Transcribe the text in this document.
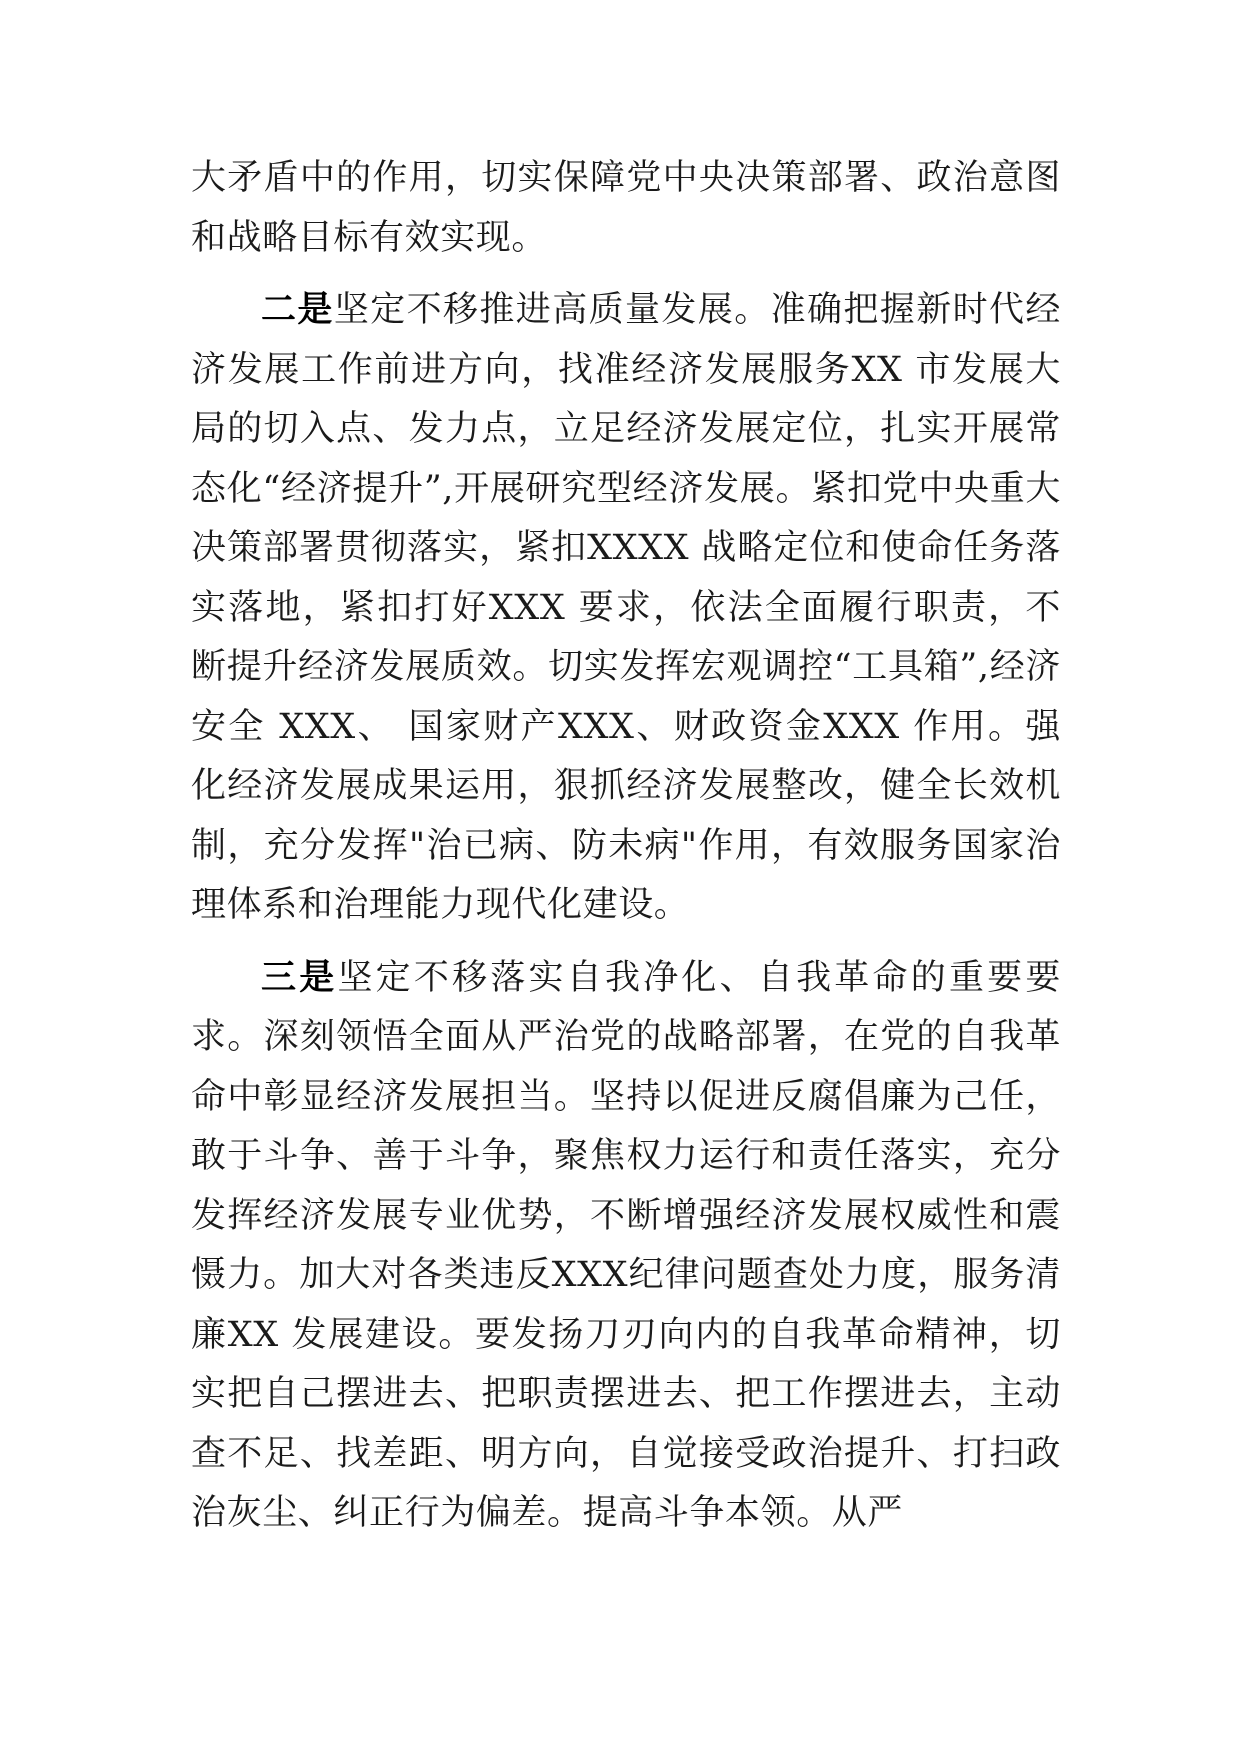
大矛盾中的作用，切实保障党中央决策部署、政治意图和战略目标有效实现。

二是坚定不移推进高质量发展。准确把握新时代经济发展工作前进方向，找准经济发展服务XX 市发展大局的切入点、发力点，立足经济发展定位，扎实开展常态化“经济提升”,开展研究型经济发展。紧扣党中央重大决策部署贯彻落实，紧扣XXXX 战略定位和使命任务落实落地，紧扣打好XXX 要求，依法全面履行职责，不断提升经济发展质效。切实发挥宏观调控“工具箱”,经济安全 XXX、 国家财产XXX、财政资金XXX 作用。强化经济发展成果运用，狠抓经济发展整改，健全长效机制，充分发挥"治已病、防未病"作用，有效服务国家治理体系和治理能力现代化建设。

三是坚定不移落实自我净化、自我革命的重要要求。深刻领悟全面从严治党的战略部署，在党的自我革命中彰显经济发展担当。坚持以促进反腐倡廉为己任，敢于斗争、善于斗争，聚焦权力运行和责任落实，充分发挥经济发展专业优势，不断增强经济发展权威性和震慑力。加大对各类违反XXX纪律问题查处力度，服务清廉XX 发展建设。要发扬刀刃向内的自我革命精神，切实把自己摆进去、把职责摆进去、把工作摆进去，主动查不足、找差距、明方向，自觉接受政治提升、打扫政治灰尘、纠正行为偏差。提高斗争本领。从严
